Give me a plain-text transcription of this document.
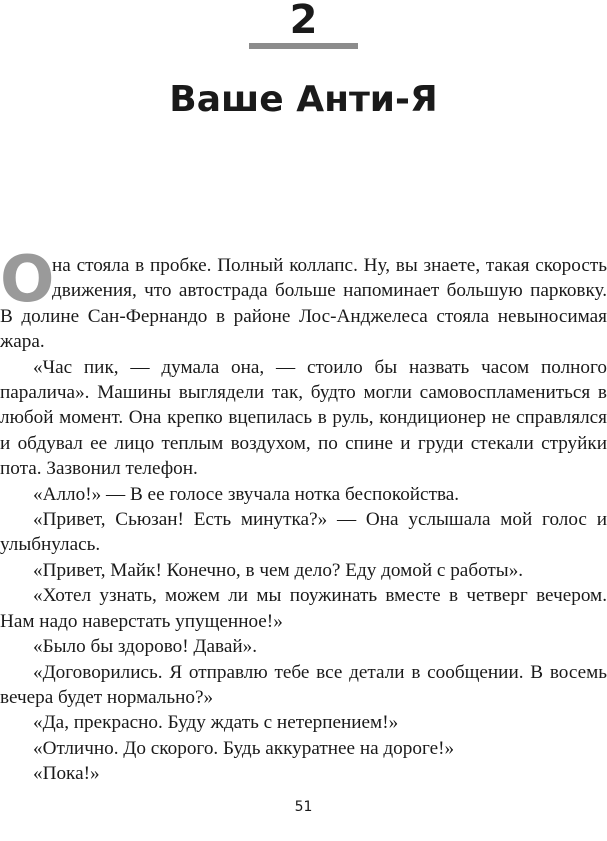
2
Ваше Анти-Я

О
на стояла в пробке. Полный коллапс. Ну, вы знаете, такая скорость движения, что автострада больше напоминает большую парковку. В долине Сан-Фернандо в районе Лос-Анджелеса стояла невыносимая жара.

«Час пик, — думала она, — стоило бы назвать часом полного паралича». Машины выглядели так, будто могли самовоспламениться в любой момент. Она крепко вцепилась в руль, кондиционер не справлялся и обдувал ее лицо теплым воздухом, по спине и груди стекали струйки пота. Зазвонил телефон.

«Алло!» — В ее голосе звучала нотка беспокойства.

«Привет, Сьюзан! Есть минутка?» — Она услышала мой голос и улыбнулась.

«Привет, Майк! Конечно, в чем дело? Еду домой с работы».

«Хотел узнать, можем ли мы поужинать вместе в четверг вечером. Нам надо наверстать упущенное!»

«Было бы здорово! Давай».

«Договорились. Я отправлю тебе все детали в сообщении. В восемь вечера будет нормально?»

«Да, прекрасно. Буду ждать с нетерпением!»

«Отлично. До скорого. Будь аккуратнее на дороге!»

«Пока!»

51
